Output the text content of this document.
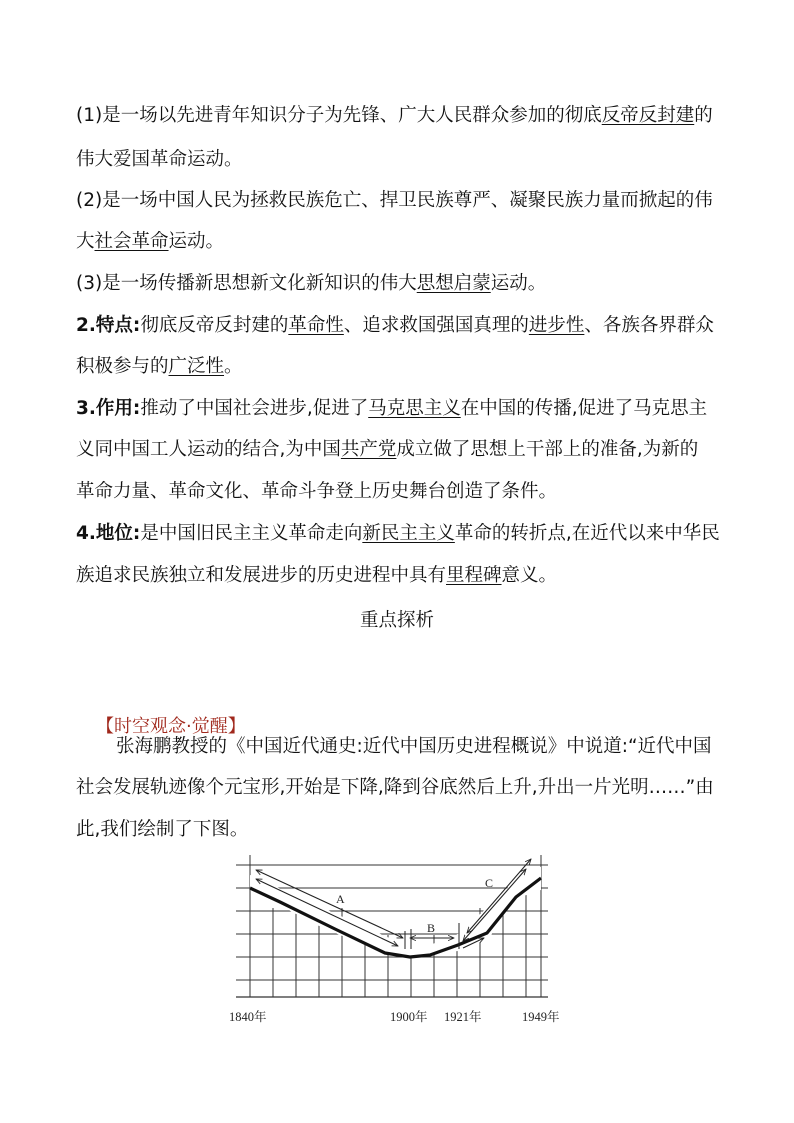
(1)是一场以先进青年知识分子为先锋、广大人民群众参加的彻底反帝反封建的
伟大爱国革命运动。
(2)是一场中国人民为拯救民族危亡、捍卫民族尊严、凝聚民族力量而掀起的伟
大社会革命运动。
(3)是一场传播新思想新文化新知识的伟大思想启蒙运动。
2.特点:彻底反帝反封建的革命性、追求救国强国真理的进步性、各族各界群众
积极参与的广泛性。
3.作用:推动了中国社会进步,促进了马克思主义在中国的传播,促进了马克思主
义同中国工人运动的结合,为中国共产党成立做了思想上干部上的准备,为新的
革命力量、革命文化、革命斗争登上历史舞台创造了条件。
4.地位:是中国旧民主主义革命走向新民主主义革命的转折点,在近代以来中华民
族追求民族独立和发展进步的历史进程中具有里程碑意义。
重点探析
【时空观念·觉醒】
张海鹏教授的《中国近代通史:近代中国历史进程概说》中说道:“近代中国
社会发展轨迹像个元宝形,开始是下降,降到谷底然后上升,升出一片光明……”由
此,我们绘制了下图。
A
B
C
1840年	1900年 1921年	1949年
